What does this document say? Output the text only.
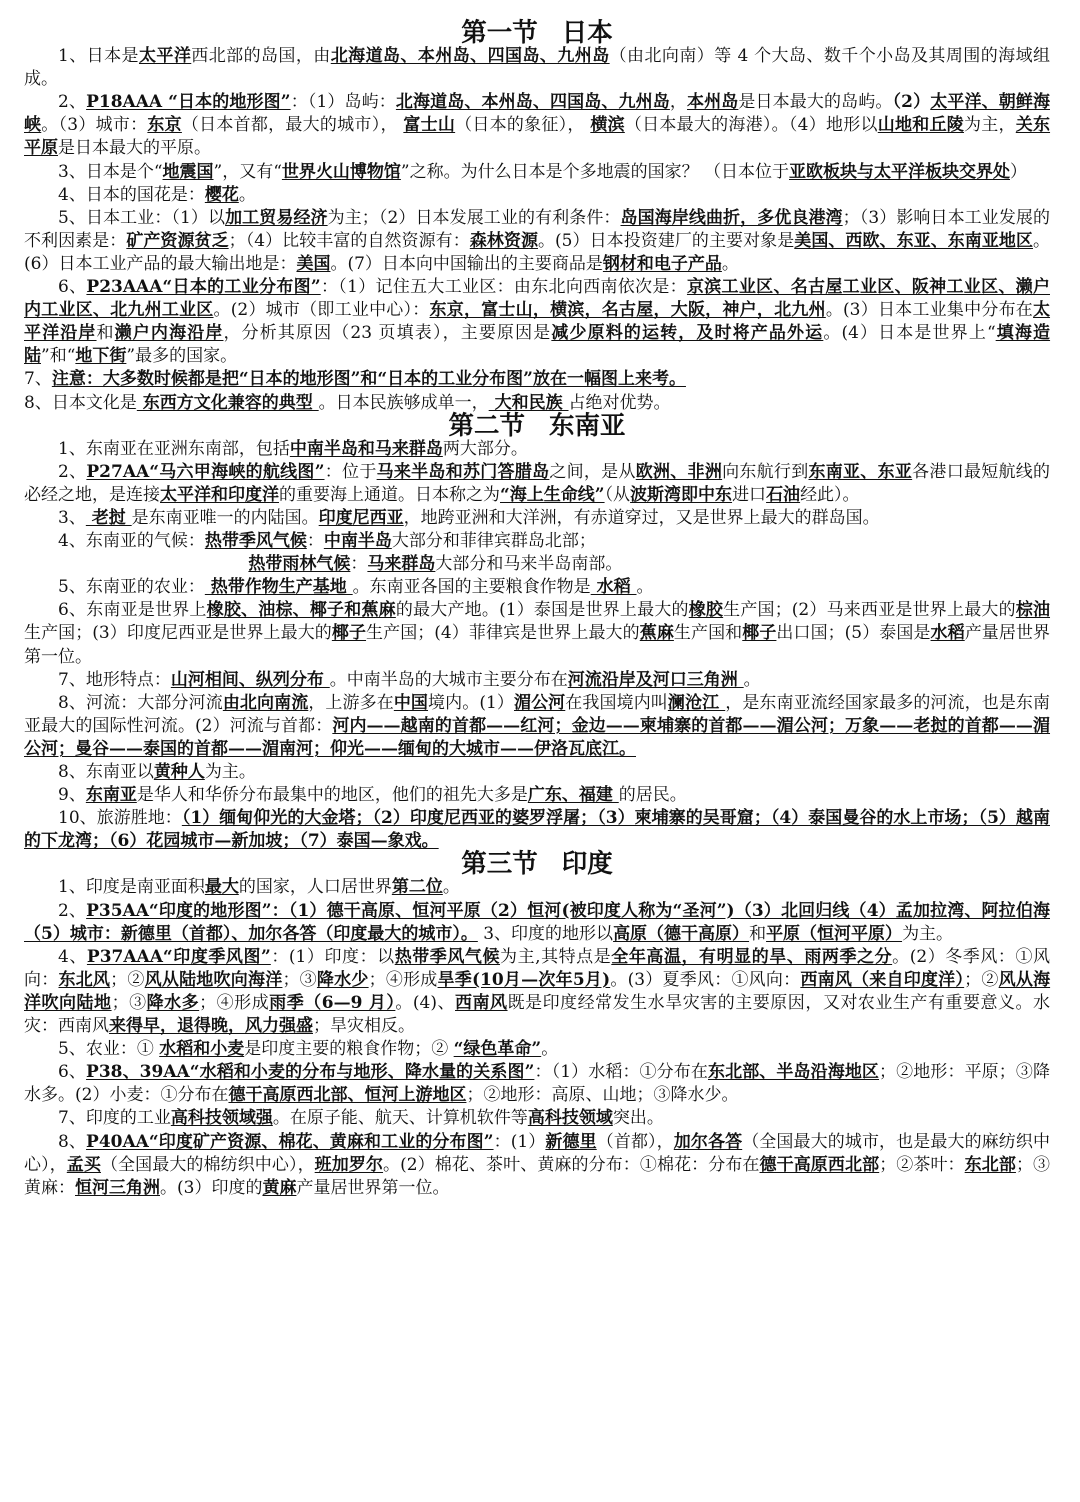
第一节 日本

1、日本是太平洋西北部的岛国，由北海道岛、本州岛、四国岛、九州岛（由北向南）等 4 个大岛、数千个小岛及其周围的海域组成。

2、P18AAA “日本的地形图”：（1）岛屿：北海道岛、本州岛、四国岛、九州岛，本州岛是日本最大的岛屿。（2）太平洋、朝鲜海峡。（3）城市：东京（日本首都，最大的城市）， 富士山（日本的象征）， 横滨（日本最大的海港）。（4）地形以山地和丘陵为主，关东平原是日本最大的平原。

3、日本是个“地震国”，又有“世界火山博物馆”之称。为什么日本是个多地震的国家？ （日本位于亚欧板块与太平洋板块交界处）

4、日本的国花是：樱花。

5、日本工业：（1）以加工贸易经济为主；（2）日本发展工业的有利条件：岛国海岸线曲折，多优良港湾；（3）影响日本工业发展的不利因素是：矿产资源贫乏；（4）比较丰富的自然资源有：森林资源。(5）日本投资建厂的主要对象是美国、西欧、东亚、东南亚地区。(6）日本工业产品的最大输出地是：美国。(7）日本向中国输出的主要商品是钢材和电子产品。

6、P23AAA“日本的工业分布图”：（1）记住五大工业区：由东北向西南依次是：京滨工业区、名古屋工业区、阪神工业区、濑户内工业区、北九州工业区。(2）城市（即工业中心）：东京，富士山，横滨，名古屋，大阪，神户，北九州。(3）日本工业集中分布在太平洋沿岸和濑户内海沿岸，分析其原因（23 页填表），主要原因是减少原料的运转，及时将产品外运。(4）日本是世界上“填海造陆”和“地下街”最多的国家。

7、注意：大多数时候都是把“日本的地形图”和“日本的工业分布图”放在一幅图上来考。

8、日本文化是 东西方文化兼容的典型 。日本民族够成单一， 大和民族 占绝对优势。

第二节 东南亚

1、东南亚在亚洲东南部，包括中南半岛和马来群岛两大部分。

2、P27AA“马六甲海峡的航线图”：位于马来半岛和苏门答腊岛之间，是从欧洲、非洲向东航行到东南亚、东亚各港口最短航线的必经之地，是连接太平洋和印度洋的重要海上通道。日本称之为“海上生命线”（从波斯湾即中东进口石油经此）。

3、 老挝 是东南亚唯一的内陆国。印度尼西亚，地跨亚洲和大洋洲，有赤道穿过，又是世界上最大的群岛国。

4、东南亚的气候：热带季风气候：中南半岛大部分和菲律宾群岛北部；

热带雨林气候：马来群岛大部分和马来半岛南部。

5、东南亚的农业： 热带作物生产基地 。东南亚各国的主要粮食作物是 水稻 。

6、东南亚是世界上橡胶、油棕、椰子和蕉麻的最大产地。(1）泰国是世界上最大的橡胶生产国；(2）马来西亚是世界上最大的棕油生产国；(3）印度尼西亚是世界上最大的椰子生产国；(4）菲律宾是世界上最大的蕉麻生产国和椰子出口国；(5）泰国是水稻产量居世界第一位。

7、地形特点：山河相间、纵列分布 。中南半岛的大城市主要分布在河流沿岸及河口三角洲 。

8、河流：大部分河流由北向南流，上游多在中国境内。(1）湄公河在我国境内叫澜沧江 ，是东南亚流经国家最多的河流，也是东南亚最大的国际性河流。(2）河流与首都：河内——越南的首都——红河；金边——柬埔寨的首都——湄公河；万象——老挝的首都——湄公河；曼谷——泰国的首都——湄南河；仰光——缅甸的大城市——伊洛瓦底江。

8、东南亚以黄种人为主。

9、东南亚是华人和华侨分布最集中的地区，他们的祖先大多是广东、福建 的居民。

10、旅游胜地：（1）缅甸仰光的大金塔；（2）印度尼西亚的婆罗浮屠；（3）柬埔寨的吴哥窟；（4）泰国曼谷的水上市场；（5）越南的下龙湾；（6）花园城市—新加坡；（7）泰国—象戏。

第三节 印度

1、印度是南亚面积最大的国家，人口居世界第二位。

2、P35AA“印度的地形图”：（1）德干高原、恒河平原（2）恒河(被印度人称为“圣河”)（3）北回归线（4）孟加拉湾、阿拉伯海（5）城市：新德里（首都）、加尔各答（印度最大的城市）。 3、印度的地形以高原（德干高原）和平原（恒河平原）为主。

4、P37AAA“印度季风图”：(1）印度：以热带季风气候为主,其特点是全年高温，有明显的旱、雨两季之分。(2）冬季风：①风向：东北风；②风从陆地吹向海洋；③降水少；④形成旱季(10月—次年5月)。(3）夏季风：①风向：西南风（来自印度洋）；②风从海洋吹向陆地；③降水多；④形成雨季（6—9 月）。(4)、西南风既是印度经常发生水旱灾害的主要原因，又对农业生产有重要意义。水灾：西南风来得早，退得晚，风力强盛；旱灾相反。

5、农业：① 水稻和小麦是印度主要的粮食作物；② “绿色革命”。

6、P38、39AA“水稻和小麦的分布与地形、降水量的关系图”：（1）水稻：①分布在东北部、半岛沿海地区；②地形：平原；③降水多。(2）小麦：①分布在德干高原西北部、恒河上游地区；②地形：高原、山地；③降水少。

7、印度的工业高科技领域强。在原子能、航天、计算机软件等高科技领域突出。

8、P40AA“印度矿产资源、棉花、黄麻和工业的分布图”：(1）新德里（首都），加尔各答（全国最大的城市，也是最大的麻纺织中心），孟买（全国最大的棉纺织中心），班加罗尔。(2）棉花、茶叶、黄麻的分布：①棉花：分布在德干高原西北部；②茶叶：东北部；③黄麻：恒河三角洲。(3）印度的黄麻产量居世界第一位。
